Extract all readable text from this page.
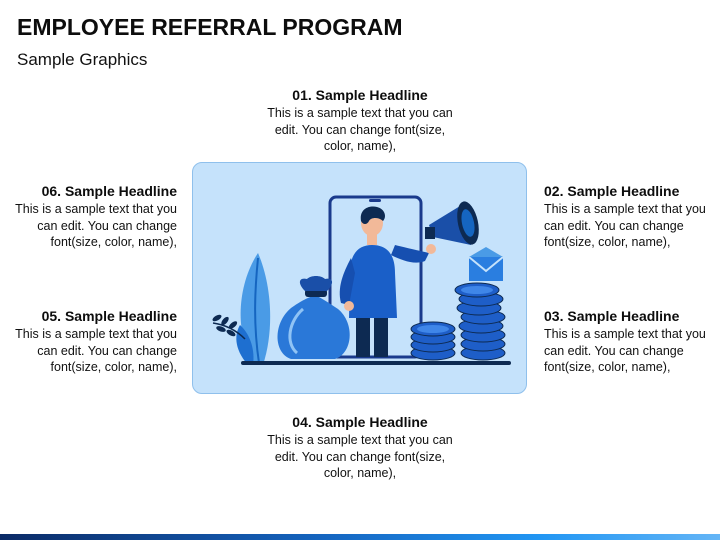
EMPLOYEE REFERRAL PROGRAM
Sample Graphics
01. Sample Headline
This is a sample text that you can edit. You can change font(size, color, name),
02. Sample Headline
This is a sample text that you can edit. You can change font(size, color, name),
03. Sample Headline
This is a sample text that you can edit. You can change font(size, color, name),
04. Sample Headline
This is a sample text that you can edit. You can change font(size, color, name),
05. Sample Headline
This is a sample text that you can edit. You can change font(size, color, name),
06. Sample Headline
This is a sample text that you can edit. You can change font(size, color, name),
